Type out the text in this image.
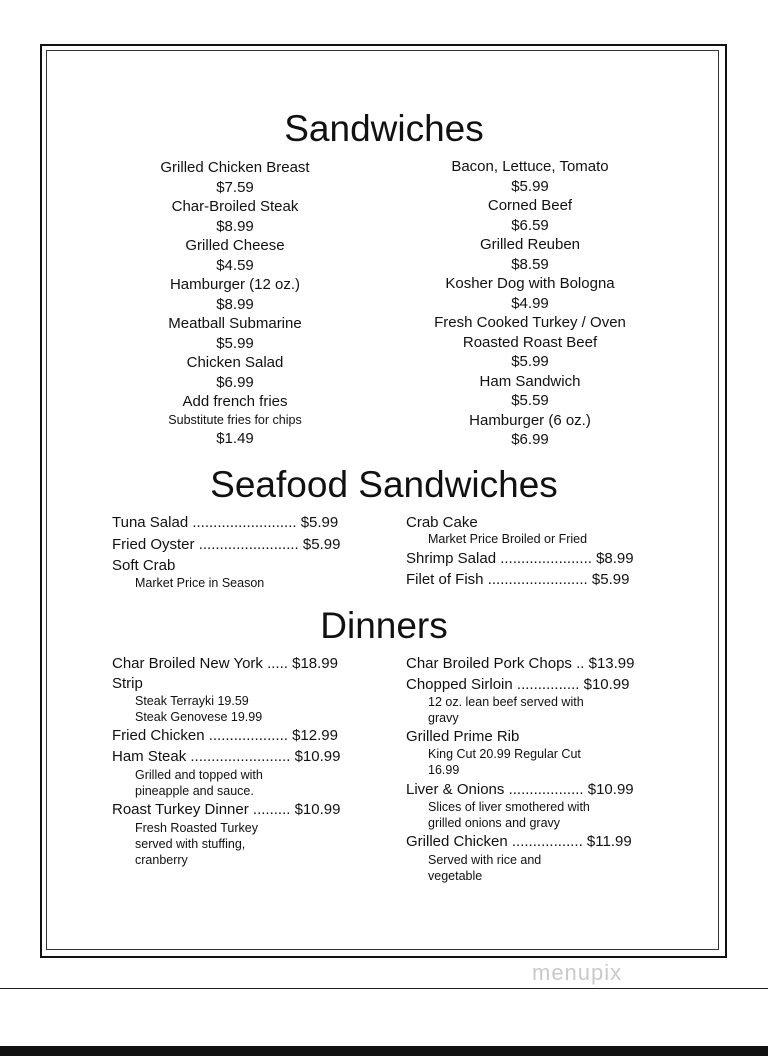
Sandwiches
Grilled Chicken Breast
$7.59
Char-Broiled Steak
$8.99
Grilled Cheese
$4.59
Hamburger (12 oz.)
$8.99
Meatball Submarine
$5.99
Chicken Salad
$6.99
Add french fries
Substitute fries for chips
$1.49
Bacon, Lettuce, Tomato
$5.99
Corned Beef
$6.59
Grilled Reuben
$8.59
Kosher Dog with Bologna
$4.99
Fresh Cooked Turkey / Oven
Roasted Roast Beef
$5.99
Ham Sandwich
$5.59
Hamburger (6 oz.)
$6.99
Seafood Sandwiches
Tuna Salad ......................... $5.99
Fried Oyster ........................ $5.99
Soft Crab
Market Price in Season
Crab Cake
Market Price Broiled or Fried
Shrimp Salad ...................... $8.99
Filet of Fish ........................ $5.99
Dinners
Char Broiled New York ..... $18.99
Strip
Steak Terrayki 19.59
Steak Genovese 19.99
Fried Chicken ................... $12.99
Ham Steak ........................ $10.99
Grilled and topped with
pineapple and sauce.
Roast Turkey Dinner ......... $10.99
Fresh Roasted Turkey
served with stuffing,
cranberry
Char Broiled Pork Chops .. $13.99
Chopped Sirloin ............... $10.99
12 oz. lean beef served with
gravy
Grilled Prime Rib
King Cut 20.99 Regular Cut
16.99
Liver & Onions .................. $10.99
Slices of liver smothered with
grilled onions and gravy
Grilled Chicken ................. $11.99
Served with rice and
vegetable
menupix
